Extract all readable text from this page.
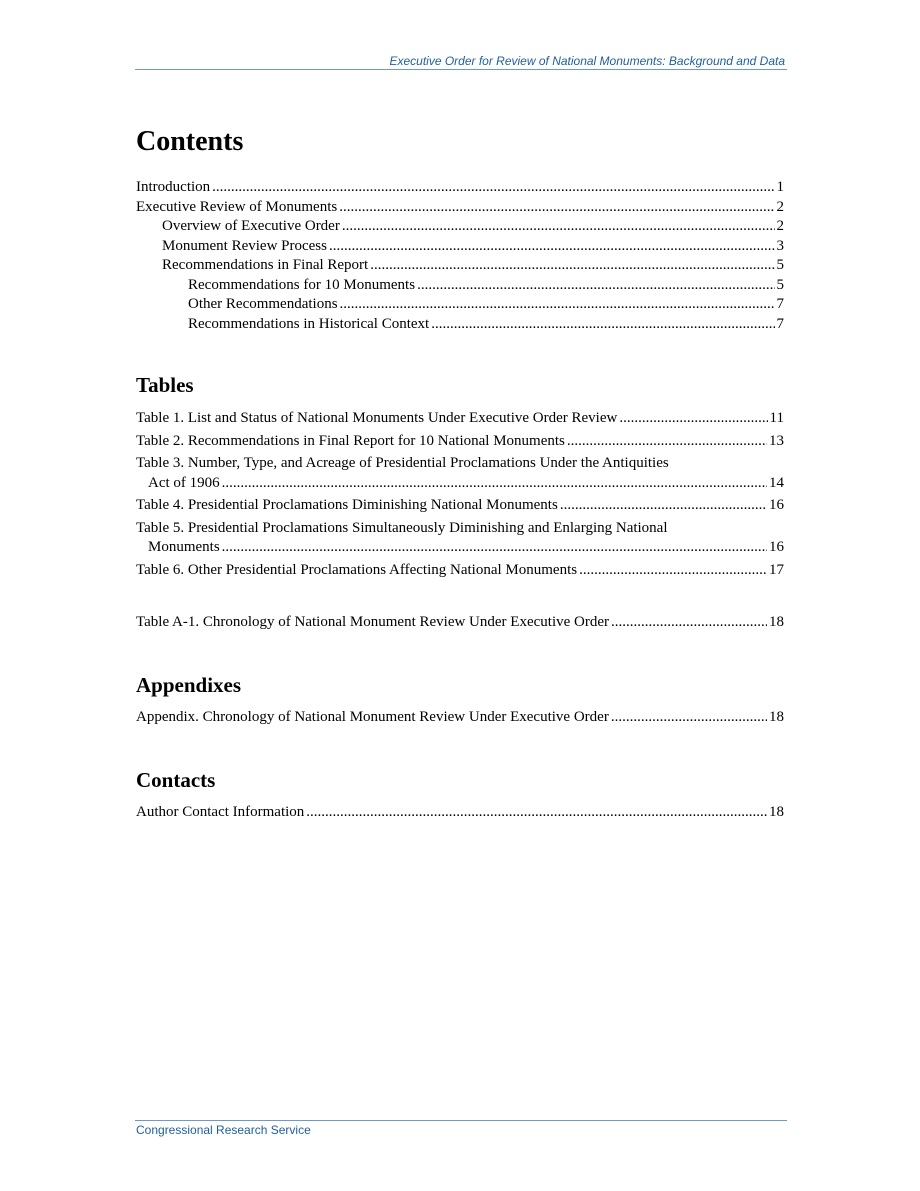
Executive Order for Review of National Monuments: Background and Data
Contents
Introduction .....	1
Executive Review of Monuments .....	2
Overview of Executive Order .....	2
Monument Review Process .....	3
Recommendations in Final Report .....	5
Recommendations for 10 Monuments .....	5
Other Recommendations .....	7
Recommendations in Historical Context .....	7
Tables
Table 1. List and Status of National Monuments Under Executive Order Review .....	11
Table 2. Recommendations in Final Report for 10 National Monuments .....	13
Table 3. Number, Type, and Acreage of Presidential Proclamations Under the Antiquities
Act of 1906 .....	14
Table 4. Presidential Proclamations Diminishing National Monuments .....	16
Table 5. Presidential Proclamations Simultaneously Diminishing and Enlarging National
Monuments .....	16
Table 6. Other Presidential Proclamations Affecting National Monuments .....	17
Table A-1. Chronology of National Monument Review Under Executive Order .....	18
Appendixes
Appendix. Chronology of National Monument Review Under Executive Order .....	18
Contacts
Author Contact Information .....	18
Congressional Research Service
